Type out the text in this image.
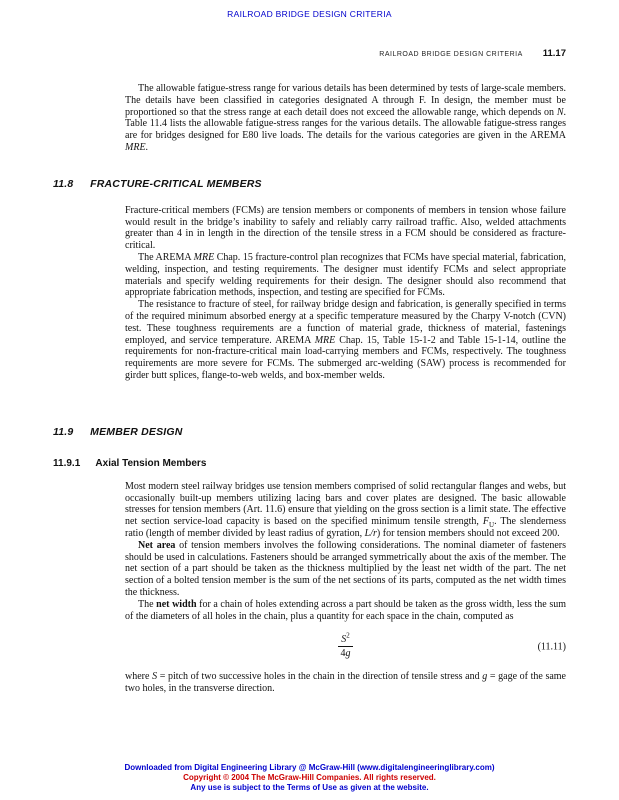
RAILROAD BRIDGE DESIGN CRITERIA
RAILROAD BRIDGE DESIGN CRITERIA 11.17

The allowable fatigue-stress range for various details has been determined by tests of large-scale members. The details have been classified in categories designated A through F. In design, the member must be proportioned so that the stress range at each detail does not exceed the allowable range, which depends on N. Table 11.4 lists the allowable fatigue-stress ranges for the various details. The allowable fatigue-stress ranges are for bridges designed for E80 live loads. The details for the various categories are given in the AREMA MRE.

11.8 FRACTURE-CRITICAL MEMBERS

Fracture-critical members (FCMs) are tension members or components of members in tension whose failure would result in the bridge’s inability to safely and reliably carry railroad traffic. Also, welded attachments greater than 4 in in length in the direction of the tensile stress in a FCM should be considered as fracture-critical.

The AREMA MRE Chap. 15 fracture-control plan recognizes that FCMs have special material, fabrication, welding, inspection, and testing requirements. The designer must identify FCMs and select appropriate materials and specify welding requirements for their design. The designer should also recommend that appropriate fabrication methods, inspection, and testing are specified for FCMs.

The resistance to fracture of steel, for railway bridge design and fabrication, is generally specified in terms of the required minimum absorbed energy at a specific temperature measured by the Charpy V-notch (CVN) test. These toughness requirements are a function of material grade, thickness of material, fastenings employed, and service temperature. AREMA MRE Chap. 15, Table 15-1-2 and Table 15-1-14, outline the requirements for non-fracture-critical main load-carrying members and FCMs, respectively. The toughness requirements are more severe for FCMs. The submerged arc-welding (SAW) process is recommended for girder butt splices, flange-to-web welds, and box-member welds.

11.9 MEMBER DESIGN
11.9.1 Axial Tension Members

Most modern steel railway bridges use tension members comprised of solid rectangular flanges and webs, but occasionally built-up members utilizing lacing bars and cover plates are designed. The basic allowable stresses for tension members (Art. 11.6) ensure that yielding on the gross section is a limit state. The effective net section service-load capacity is based on the specified minimum tensile strength, $F_U$. The slenderness ratio (length of member divided by least radius of gyration, L/r) for tension members should not exceed 200.

Net area of tension members involves the following considerations. The nominal diameter of fasteners should be used in calculations. Fasteners should be arranged symmetrically about the axis of the member. The net section of a part should be taken as the thickness multiplied by the least net width of the part. The net section of a bolted tension member is the sum of the net sections of its parts, computed as the net width times the thickness.

The net width for a chain of holes extending across a part should be taken as the gross width, less the sum of the diameters of all holes in the chain, plus a quantity for each space in the chain, computed as

$\frac{S^2}{4g}$	(11.11)

where S = pitch of two successive holes in the chain in the direction of tensile stress and g = gage of the same two holes, in the transverse direction.

Downloaded from Digital Engineering Library @ McGraw-Hill (www.digitalengineeringlibrary.com)
Copyright © 2004 The McGraw-Hill Companies. All rights reserved.
Any use is subject to the Terms of Use as given at the website.
